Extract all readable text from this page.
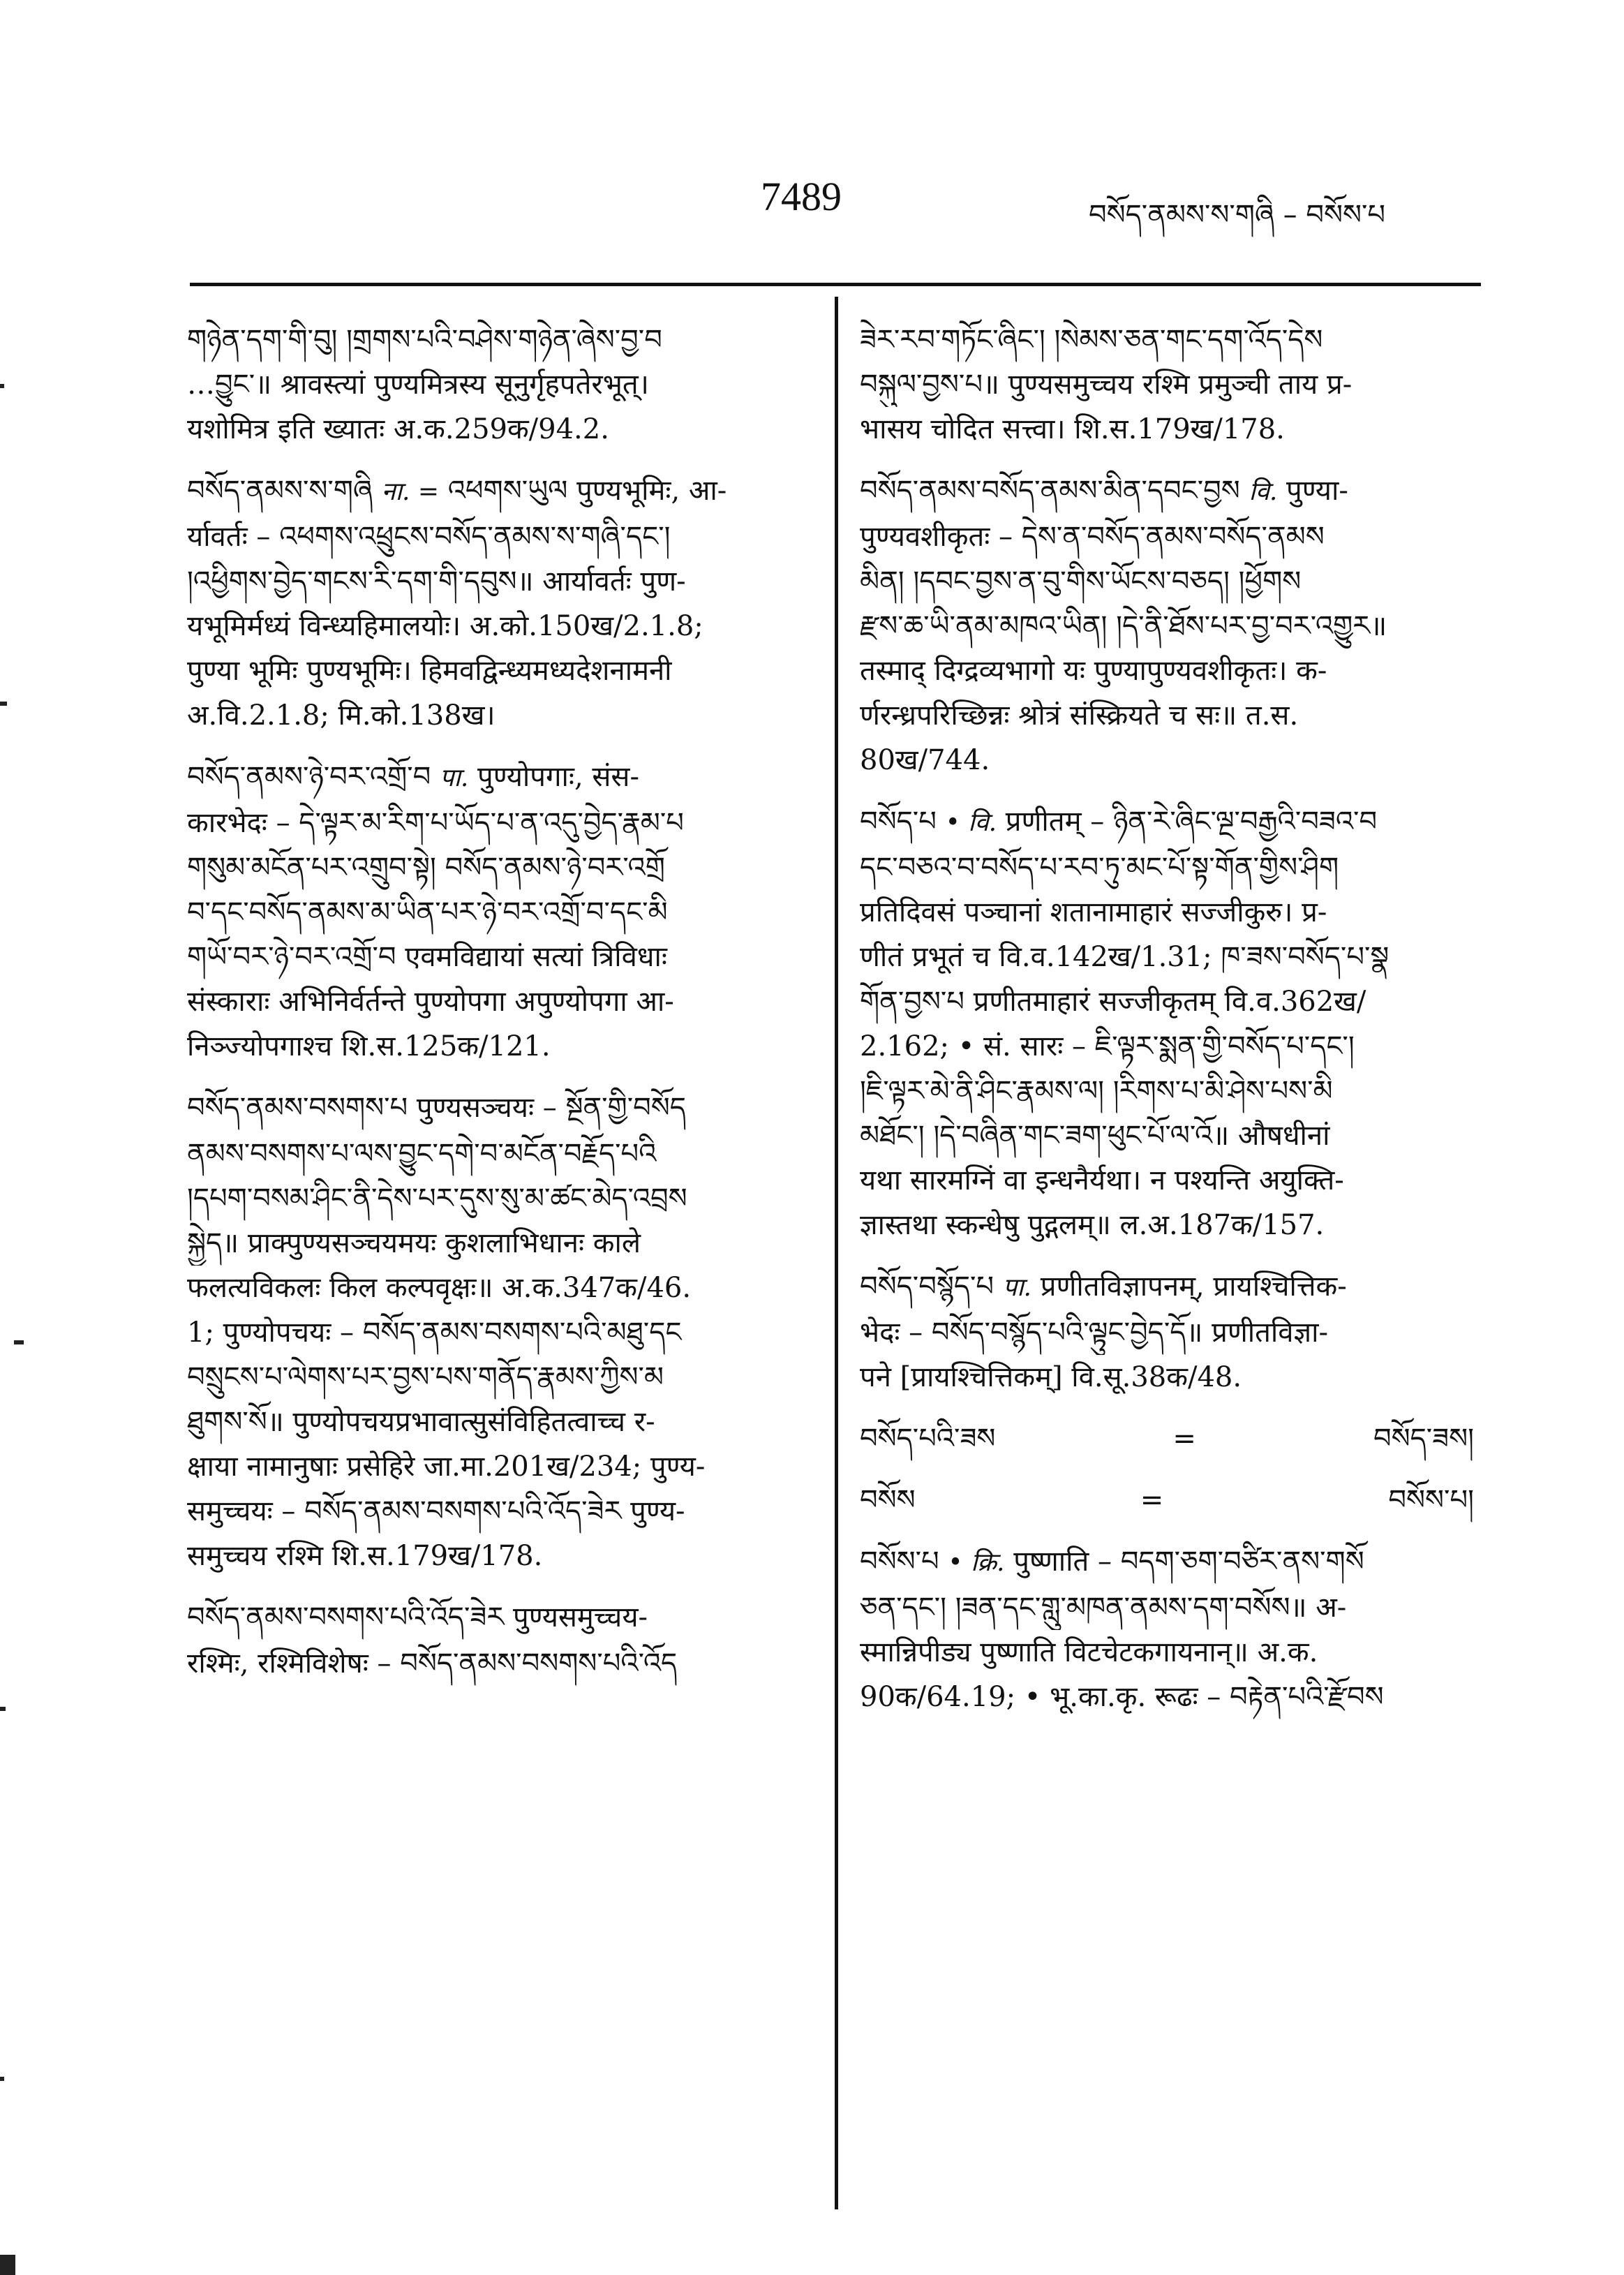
7489	བསོད་ནམས་ས་གཞི – བསོས་པ
གཉེན་དག་གི་བུ། །གྲགས་པའི་བཤེས་གཉེན་ཞེས་བྱ་བ
…བྱུང་॥ श्रावस्त्यां पुण्यमित्रस्य सूनुर्गृहपतेरभूत्।
यशोमित्र इति ख्यातः अ.क.259क/94.2.
བསོད་ནམས་ས་གཞི ना. = འཕགས་ཡུལ पुण्यभूमिः, आ-
र्यावर्तः – འཕགས་འཕྲུངས་བསོད་ནམས་ས་གཞི་དང་།
།འཕྱིགས་བྱེད་གངས་རི་དག་གི་དབུས॥ आर्यावर्तः पुण-
यभूमिर्मध्यं विन्ध्यहिमालयोः। अ.को.150ख/2.1.8;
पुण्या भूमिः पुण्यभूमिः। हिमवद्विन्ध्यमध्यदेशनामनी
अ.वि.2.1.8; मि.को.138ख।
བསོད་ནམས་ཉེ་བར་འགྲོ་བ पा. पुण्योपगाः, संस-
कारभेदः – དེ་ལྟར་མ་རིག་པ་ཡོད་པ་ན་འདུ་བྱེད་རྣམ་པ
གསུམ་མངོན་པར་འགྲུབ་སྟེ། བསོད་ནམས་ཉེ་བར་འགྲོ
བ་དང་བསོད་ནམས་མ་ཡིན་པར་ཉེ་བར་འགྲོ་བ་དང་མི
གཡོ་བར་ཉེ་བར་འགྲོ་བ एवमविद्यायां सत्यां त्रिविधाः
संस्काराः अभिनिर्वर्तन्ते पुण्योपगा अपुण्योपगा आ-
निञ्ज्योपगाश्च शि.स.125क/121.
བསོད་ནམས་བསགས་པ पुण्यसञ्चयः – སྔོན་གྱི་བསོད
ནམས་བསགས་པ་ལས་བྱུང་དགེ་བ་མངོན་བརྗོད་པའི
།དཔག་བསམ་ཤིང་ནི་དེས་པར་དུས་སུ་མ་ཚང་མེད་འབྲས
སྐྱེད॥ प्राक्पुण्यसञ्चयमयः कुशलाभिधानः काले
फलत्यविकलः किल कल्पवृक्षः॥ अ.क.347क/46.
1; पुण्योपचयः – བསོད་ནམས་བསགས་པའི་མཐུ་དང
བསྲུངས་པ་ལེགས་པར་བྱས་པས་གནོད་རྣམས་ཀྱིས་མ
ཐུགས་སོ॥ पुण्योपचयप्रभावात्सुसंविहितत्वाच्च र-
क्षाया नामानुषाः प्रसेहिरे जा.मा.201ख/234; पुण्य-
समुच्चयः – བསོད་ནམས་བསགས་པའི་འོད་ཟེར पुण्य-
समुच्चय रश्मि शि.स.179ख/178.
བསོད་ནམས་བསགས་པའི་འོད་ཟེར पुण्यसमुच्चय-
रश्मिः, रश्मिविशेषः – བསོད་ནམས་བསགས་པའི་འོད
ཟེར་རབ་གཏོང་ཞིང་། །སེམས་ཅན་གང་དག་འོད་དེས
བསྐུལ་བྱས་པ॥ पुण्यसमुच्चय रश्मि प्रमुञ्ची ताय प्र-
भासय चोदित सत्त्वा। शि.स.179ख/178.
བསོད་ནམས་བསོད་ནམས་མིན་དབང་བྱས वि. पुण्या-
पुण्यवशीकृतः – དེས་ན་བསོད་ནམས་བསོད་ནམས
མིན། །དབང་བྱས་ན་བུ་གིས་ཡོངས་བཅད། །ཕྱོགས
རྫས་ཆ་ཡི་ནམ་མཁའ་ཡིན། །དེ་ནི་ཐོས་པར་བྱ་བར་འགྱུར॥
तस्माद् दिग्द्रव्यभागो यः पुण्यापुण्यवशीकृतः। क-
र्णरन्ध्रपरिच्छिन्नः श्रोत्रं संस्क्रियते च सः॥ त.स.
80ख/744.
བསོད་པ • वि. प्रणीतम् – ཉིན་རེ་ཞིང་ལྔ་བརྒྱའི་བཟའ་བ
དང་བཅའ་བ་བསོད་པ་རབ་ཏུ་མང་པོ་སྟ་གོན་གྱིས་ཤིག
प्रतिदिवसं पञ्चानां शतानामाहारं सज्जीकुरु। प्र-
णीतं प्रभूतं च वि.व.142ख/1.31; ཁ་ཟས་བསོད་པ་སྣ
གོན་བྱས་པ प्रणीतमाहारं सज्जीकृतम् वि.व.362ख/
2.162; • सं. सारः – ཇི་ལྟར་སྨན་གྱི་བསོད་པ་དང་།
།ཇི་ལྟར་མེ་ནི་ཤིང་རྣམས་ལ། །རིགས་པ་མི་ཤེས་པས་མི
མཐོང་། །དེ་བཞིན་གང་ཟག་ཕུང་པོ་ལ་འོ॥ औषधीनां
यथा सारमग्निं वा इन्धनैर्यथा। न पश्यन्ति अयुक्ति-
ज्ञास्तथा स्कन्धेषु पुद्गलम्॥ ल.अ.187क/157.
བསོད་བསྙོད་པ पा. प्रणीतविज्ञापनम्, प्रायश्चित्तिक-
भेदः – བསོད་བསྙོད་པའི་ལྟུང་བྱེད་དོ॥ प्रणीतविज्ञा-
पने [प्रायश्चित्तिकम्] वि.सू.38क/48.
བསོད་པའི་ཟས	=	བསོད་ཟས།
བསོས	=	བསོས་པ།
བསོས་པ • क्रि. पुष्णाति – བདག་ཅག་བཙིར་ནས་གསོ
ཅན་དང་། །ཟན་དང་གླུ་མཁན་ནམས་དག་བསོས॥ अ-
स्मान्निपीड्य पुष्णाति विटचेटकगायनान्॥ अ.क.
90क/64.19; • भू.का.कृ. रूढः – བརྟེན་པའི་རྫོབས
